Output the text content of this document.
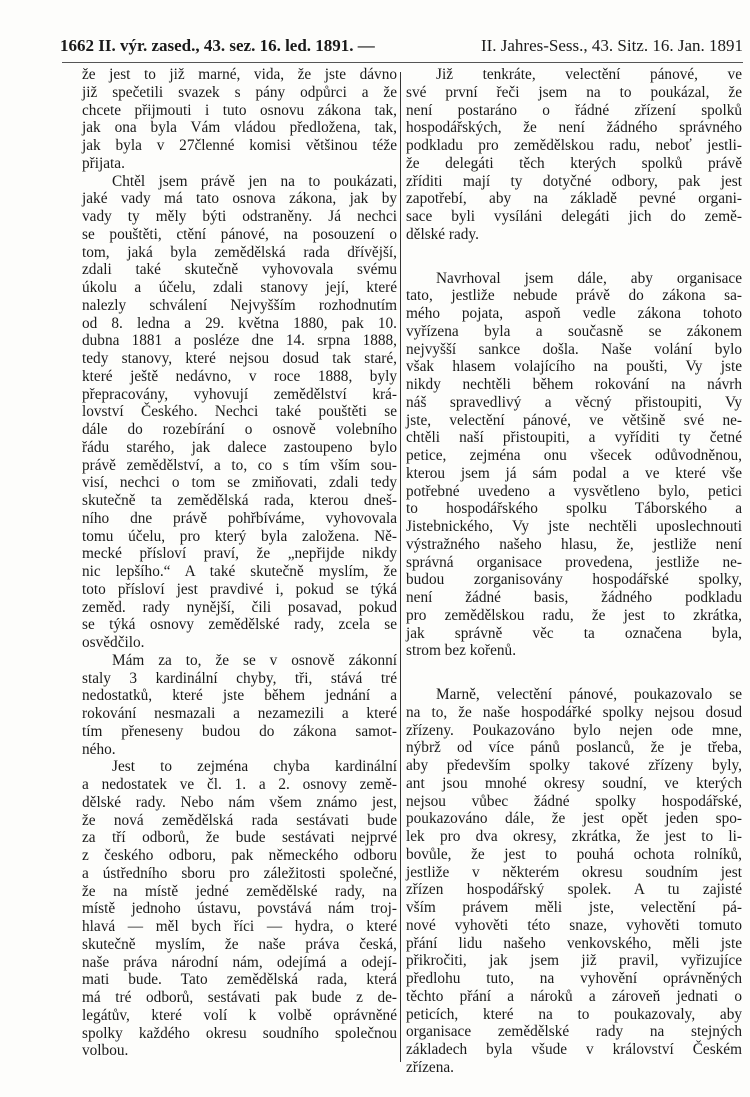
1662 II. výr. zased., 43. sez. 16. led. 1891. —	II. Jahres-Sess., 43. Sitz. 16. Jan. 1891
že jest to již marné, vida, že jste dávno
již spečetili svazek s pány odpůrci a že
chcete přijmouti i tuto osnovu zákona tak,
jak ona byla Vám vládou předložena, tak,
jak byla v 27členné komisi většinou téže
přijata.
Chtěl jsem právě jen na to poukázati,
jaké vady má tato osnova zákona, jak by
vady ty měly býti odstraněny. Já nechci
se pouštěti, ctění pánové, na posouzení o
tom, jaká byla zemědělská rada dřívější,
zdali také skutečně vyhovovala svému
úkolu a účelu, zdali stanovy její, které
nalezly schválení Nejvyšším rozhodnutím
od 8. ledna a 29. května 1880, pak 10.
dubna 1881 a posléze dne 14. srpna 1888,
tedy stanovy, které nejsou dosud tak staré,
které ještě nedávno, v roce 1888, byly
přepracovány, vyhovují zemědělství krá-
lovství Českého. Nechci také pouštěti se
dále do rozebírání o osnově volebního
řádu starého, jak dalece zastoupeno bylo
právě zemědělství, a to, co s tím vším sou-
visí, nechci o tom se zmiňovati, zdali tedy
skutečně ta zemědělská rada, kterou dneš-
ního dne právě pohřbíváme, vyhovovala
tomu účelu, pro který byla založena. Ně-
mecké přísloví praví, že „nepřijde nikdy
nic lepšího.“ A také skutečně myslím, že
toto přísloví jest pravdivé i, pokud se týká
zeměd. rady nynější, čili posavad, pokud
se týká osnovy zemědělské rady, zcela se
osvědčilo.
Mám za to, že se v osnově zákonní
staly 3 kardinální chyby, tři, stává tré
nedostatků, které jste během jednání a
rokování nesmazali a nezamezili a které
tím přeneseny budou do zákona samot-
ného.
Jest to zejména chyba kardinální
a nedostatek ve čl. 1. a 2. osnovy země-
dělské rady. Nebo nám všem známo jest,
že nová zemědělská rada sestávati bude
za tří odborů, že bude sestávati nejprvé
z českého odboru, pak německého odboru
a ústředního sboru pro záležitosti společné,
že na místě jedné zemědělské rady, na
místě jednoho ústavu, povstává nám troj-
hlavá — měl bych říci — hydra, o které
skutečně myslím, že naše práva česká,
naše práva národní nám, odejímá a odejí-
mati bude. Tato zemědělská rada, která
má tré odborů, sestávati pak bude z de-
legátův, které volí k volbě oprávněné
spolky každého okresu soudního společnou
volbou.
Již tenkráte, velectění pánové, ve
své první řeči jsem na to poukázal, že
není postaráno o řádné zřízení spolků
hospodářských, že není žádného správného
podkladu pro zemědělskou radu, neboť jestli-
že delegáti těch kterých spolků právě
zříditi mají ty dotyčné odbory, pak jest
zapotřebí, aby na základě pevné organi-
sace byli vysíláni delegáti jich do země-
dělské rady.
Navrhoval jsem dále, aby organisace
tato, jestliže nebude právě do zákona sa-
mého pojata, aspoň vedle zákona tohoto
vyřízena byla a současně se zákonem
nejvyšší sankce došla. Naše volání bylo
však hlasem volajícího na poušti, Vy jste
nikdy nechtěli během rokování na návrh
náš spravedlivý a věcný přistoupiti, Vy
jste, velectění pánové, ve většině své ne-
chtěli naší přistoupiti, a vyříditi ty četné
petice, zejména onu všecek odůvodněnou,
kterou jsem já sám podal a ve které vše
potřebné uvedeno a vysvětleno bylo, petici
to hospodářského spolku Táborského a
Jistebnického, Vy jste nechtěli uposlechnouti
výstražného našeho hlasu, že, jestliže není
správná organisace provedena, jestliže ne-
budou zorganisovány hospodářské spolky,
není žádné basis, žádného podkladu
pro zemědělskou radu, že jest to zkrátka,
jak správně věc ta označena byla,
strom bez kořenů.
Marně, velectění pánové, poukazovalo se
na to, že naše hospodářké spolky nejsou dosud
zřízeny. Poukazováno bylo nejen ode mne,
nýbrž od více pánů poslanců, že je třeba,
aby především spolky takové zřízeny byly,
ant jsou mnohé okresy soudní, ve kterých
nejsou vůbec žádné spolky hospodářské,
poukazováno dále, že jest opět jeden spo-
lek pro dva okresy, zkrátka, že jest to li-
bovůle, že jest to pouhá ochota rolníků,
jestliže v některém okresu soudním jest
zřízen hospodářský spolek. A tu zajisté
vším právem měli jste, velectění pá-
nové vyhověti této snaze, vyhověti tomuto
přání lidu našeho venkovského, měli jste
přikročiti, jak jsem již pravil, vyřizujíce
předlohu tuto, na vyhovění oprávněných
těchto přání a nároků a zároveň jednati o
peticích, které na to poukazovaly, aby
organisace zemědělské rady na stejných
základech byla všude v království Českém
zřízena.
